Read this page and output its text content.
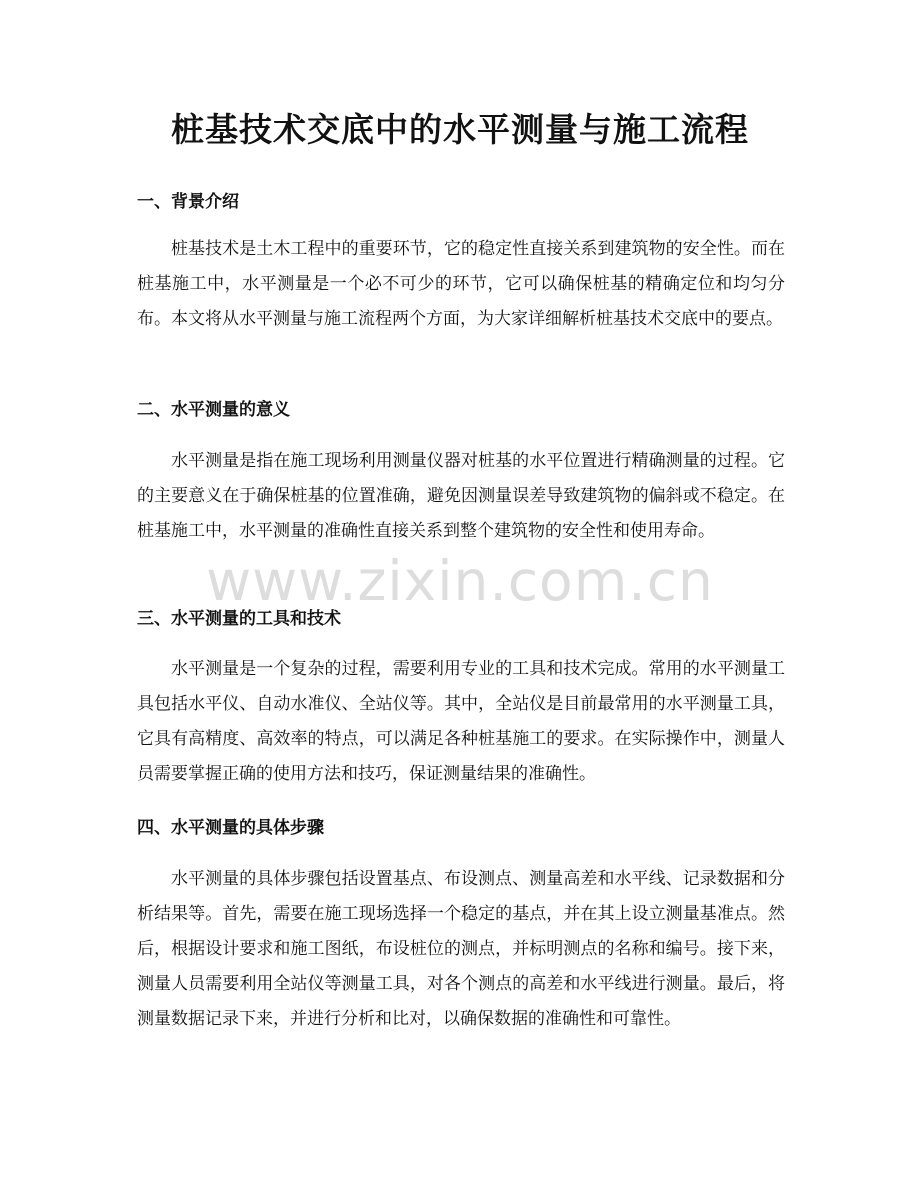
桩基技术交底中的水平测量与施工流程
一、背景介绍

桩基技术是土木工程中的重要环节，它的稳定性直接关系到建筑物的安全性。而在桩基施工中，水平测量是一个必不可少的环节，它可以确保桩基的精确定位和均匀分布。本文将从水平测量与施工流程两个方面，为大家详细解析桩基技术交底中的要点。

二、水平测量的意义

水平测量是指在施工现场利用测量仪器对桩基的水平位置进行精确测量的过程。它的主要意义在于确保桩基的位置准确，避免因测量误差导致建筑物的偏斜或不稳定。在桩基施工中，水平测量的准确性直接关系到整个建筑物的安全性和使用寿命。

三、水平测量的工具和技术

水平测量是一个复杂的过程，需要利用专业的工具和技术完成。常用的水平测量工具包括水平仪、自动水准仪、全站仪等。其中，全站仪是目前最常用的水平测量工具，它具有高精度、高效率的特点，可以满足各种桩基施工的要求。在实际操作中，测量人员需要掌握正确的使用方法和技巧，保证测量结果的准确性。

四、水平测量的具体步骤

水平测量的具体步骤包括设置基点、布设测点、测量高差和水平线、记录数据和分析结果等。首先，需要在施工现场选择一个稳定的基点，并在其上设立测量基准点。然后，根据设计要求和施工图纸，布设桩位的测点，并标明测点的名称和编号。接下来，测量人员需要利用全站仪等测量工具，对各个测点的高差和水平线进行测量。最后，将测量数据记录下来，并进行分析和比对，以确保数据的准确性和可靠性。

www.zixin.com.cn
